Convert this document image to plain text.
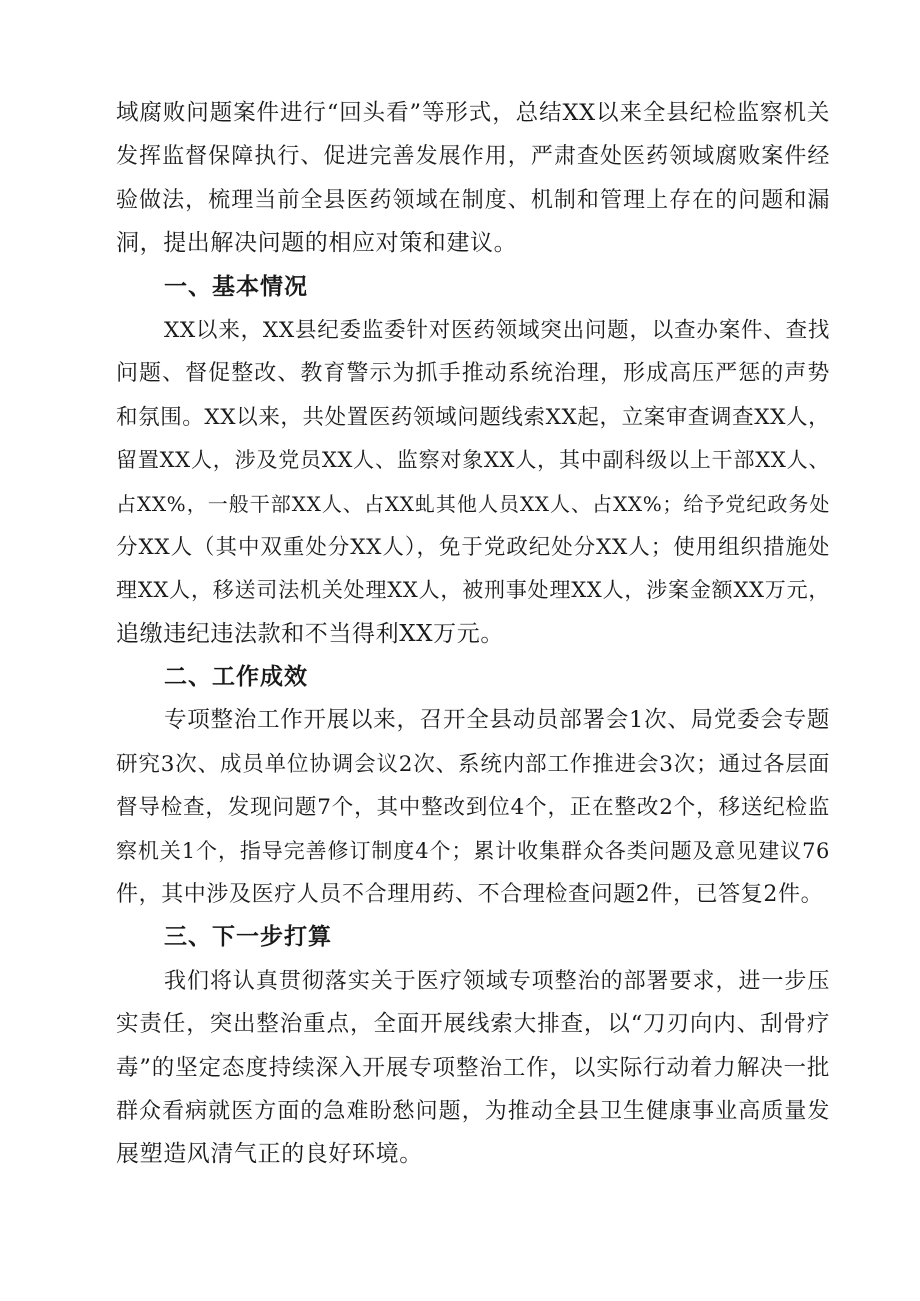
域腐败问题案件进行“回头看”等形式，总结XX以来全县纪检监察机关
发挥监督保障执行、促进完善发展作用，严肃查处医药领域腐败案件经
验做法，梳理当前全县医药领域在制度、机制和管理上存在的问题和漏
洞，提出解决问题的相应对策和建议。
一、基本情况
XX以来，XX县纪委监委针对医药领域突出问题，以查办案件、查找
问题、督促整改、教育警示为抓手推动系统治理，形成高压严惩的声势
和氛围。XX以来，共处置医药领域问题线索XX起，立案审查调查XX人，
留置XX人，涉及党员XX人、监察对象XX人，其中副科级以上干部XX人、
占XX%，一般干部XX人、占XX虬其他人员XX人、占XX%；给予党纪政务处
分XX人（其中双重处分XX人），免于党政纪处分XX人；使用组织措施处
理XX人，移送司法机关处理XX人，被刑事处理XX人，涉案金额XX万元，
追缴违纪违法款和不当得利XX万元。
二、工作成效
专项整治工作开展以来，召开全县动员部署会1次、局党委会专题
研究3次、成员单位协调会议2次、系统内部工作推进会3次；通过各层面
督导检查，发现问题7个，其中整改到位4个，正在整改2个，移送纪检监
察机关1个，指导完善修订制度4个；累计收集群众各类问题及意见建议76
件，其中涉及医疗人员不合理用药、不合理检查问题2件，已答复2件。
三、下一步打算
我们将认真贯彻落实关于医疗领域专项整治的部署要求，进一步压
实责任，突出整治重点，全面开展线索大排查，以“刀刃向内、刮骨疗
毒”的坚定态度持续深入开展专项整治工作，以实际行动着力解决一批
群众看病就医方面的急难盼愁问题，为推动全县卫生健康事业高质量发
展塑造风清气正的良好环境。
